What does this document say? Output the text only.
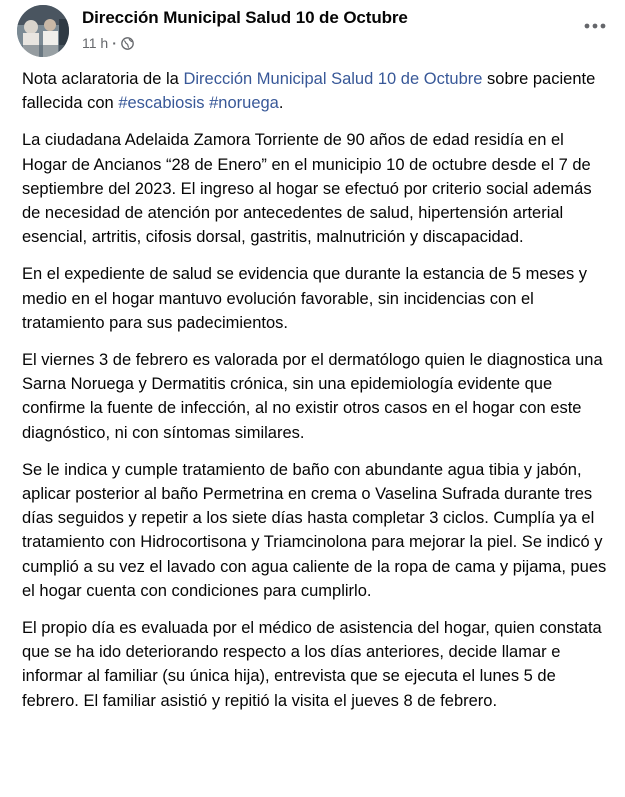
Dirección Municipal Salud 10 de Octubre
11 h ·

Nota aclaratoria de la Dirección Municipal Salud 10 de Octubre sobre paciente fallecida con #escabiosis #noruega.

La ciudadana Adelaida Zamora Torriente de 90 años de edad residía en el Hogar de Ancianos “28 de Enero” en el municipio 10 de octubre desde el 7 de septiembre del 2023. El ingreso al hogar se efectuó por criterio social además de necesidad de atención por antecedentes de salud, hipertensión arterial esencial, artritis, cifosis dorsal, gastritis, malnutrición y discapacidad.

En el expediente de salud se evidencia que durante la estancia de 5 meses y medio en el hogar mantuvo evolución favorable, sin incidencias con el tratamiento para sus padecimientos.

El viernes 3 de febrero es valorada por el dermatólogo quien le diagnostica una Sarna Noruega y Dermatitis crónica, sin una epidemiología evidente que confirme la fuente de infección, al no existir otros casos en el hogar con este diagnóstico, ni con síntomas similares.

Se le indica y cumple tratamiento de baño con abundante agua tibia y jabón, aplicar posterior al baño Permetrina en crema o Vaselina Sufrada durante tres días seguidos y repetir a los siete días hasta completar 3 ciclos. Cumplía ya el tratamiento con Hidrocortisona y Triamcinolona para mejorar la piel. Se indicó y cumplió a su vez el lavado con agua caliente de la ropa de cama y pijama, pues el hogar cuenta con condiciones para cumplirlo.

El propio día es evaluada por el médico de asistencia del hogar, quien constata que se ha ido deteriorando respecto a los días anteriores, decide llamar e informar al familiar (su única hija), entrevista que se ejecuta el lunes 5 de febrero. El familiar asistió y repitió la visita el jueves 8 de febrero.
